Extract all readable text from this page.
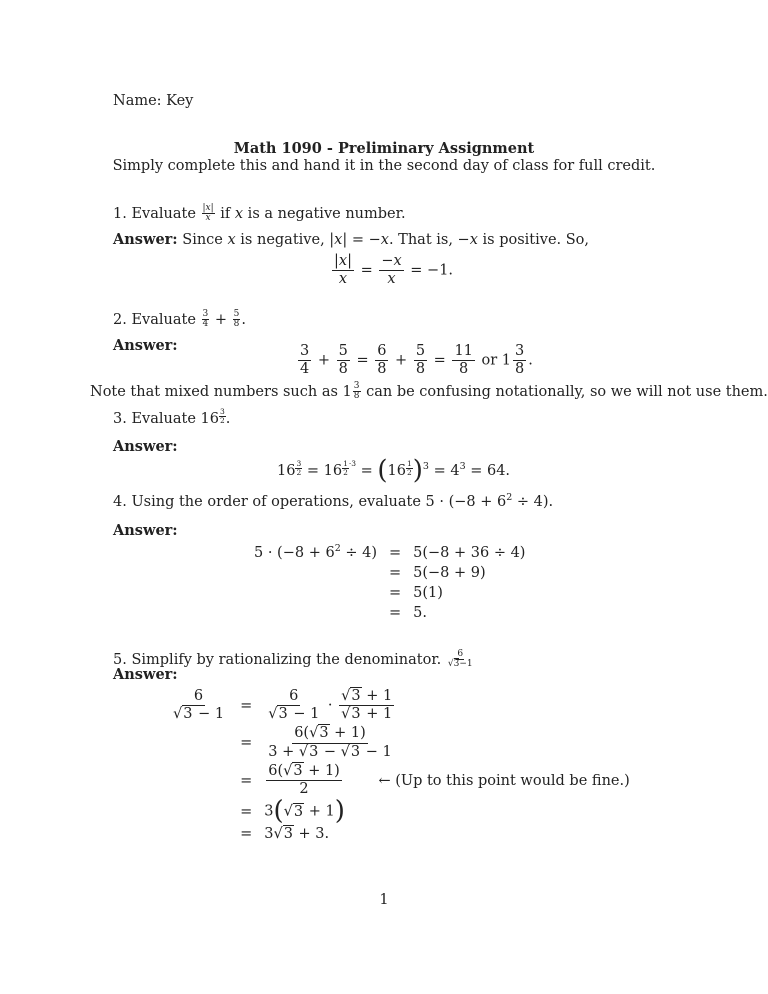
Name: Key
Math 1090 - Preliminary Assignment
Simply complete this and hand it in the second day of class for full credit.
1. Evaluate $\frac{|x|}{x}$ if x is a negative number.
Answer: Since x is negative, |x| = −x. That is, −x is positive. So,
$\frac{|x|}{x} = \frac{-x}{x} = -1$.
2. Evaluate $\frac{3}{4} + \frac{5}{8}$ .
Answer:	$\frac{3}{4} + \frac{5}{8} = \frac{6}{8} + \frac{5}{8} = \frac{11}{8}$ or $1 \frac{3}{8}$ .
Note that mixed numbers such as $1 \frac{3}{8}$ can be confusing notationally, so we will not use them.
3. Evaluate $16 \frac{3}{2}$ .
Answer:
$16 \frac{3}{2} = 16$ 1
2
$\cdot 3 = (16 \frac{1}{2} )^3 = 4^3 = 64$.
4. Using the order of operations, evaluate $5 \cdot (-8 + 6^2 \div 4)$.
Answer:
$5 \cdot (-8 + 6^2 \div 4)$	=	5(−8 + 36 ÷ 4)
	=	5(−8 + 9)
	=	5(1)
	=	5.
5. Simplify by rationalizing the denominator. $\frac{6}{√3-1}$
Answer:
$\frac{6}{√3 - 1}$	=	$\frac{6}{√3 - 1} \cdot \frac{√3 + 1}{√3 + 1}$

	=	$\frac{6(√3 + 1)}{3 + √3 - √3 - 1}$

	=	$\frac{6(√3 + 1)}{2}$ ← (Up to this point would be fine.)
	=	3(√3 + 1)
	=	3√3 + 3.
1
